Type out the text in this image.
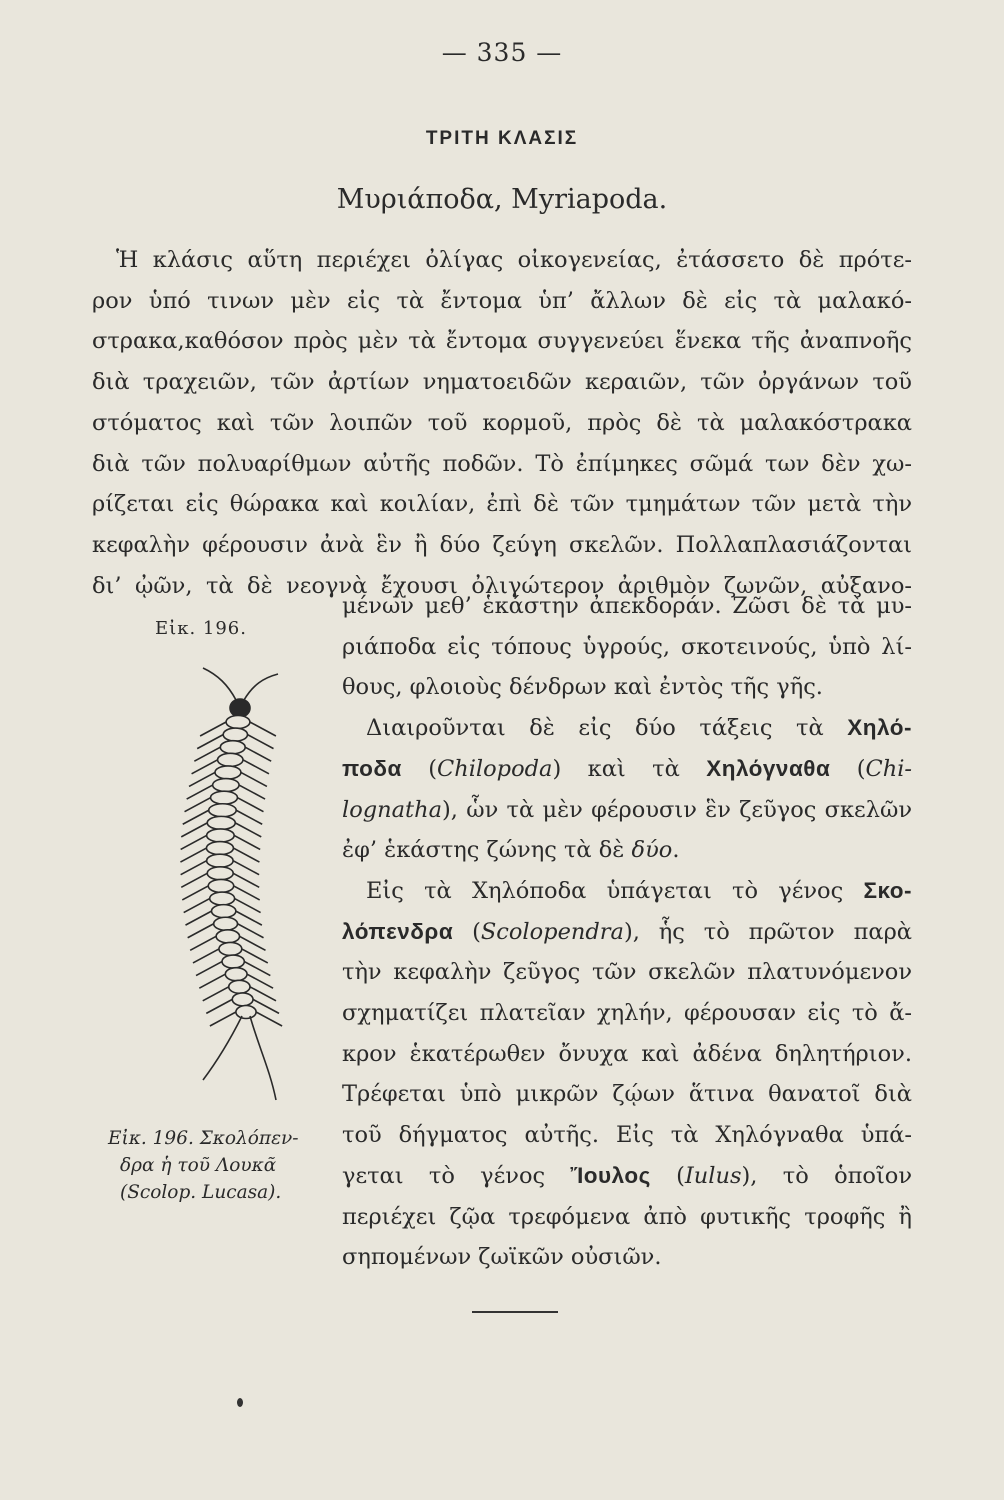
— 335 —
ΤΡΙΤΗ ΚΛΑΣΙΣ
Μυριάποδα, Myriapoda.
Ἡ κλάσις αὕτη περιέχει ὀλίγας οἰκογενείας, ἐτάσσετο δὲ πρότε-
ρον ὑπό τινων μὲν εἰς τὰ ἔντομα ὑπ’ ἄλλων δὲ εἰς τὰ μαλακό-
στρακα,καθόσον πρὸς μὲν τὰ ἔντομα συγγενεύει ἕνεκα τῆς ἀναπνοῆς
διὰ τραχειῶν, τῶν ἀρτίων νηματοειδῶν κεραιῶν, τῶν ὀργάνων τοῦ
στόματος καὶ τῶν λοιπῶν τοῦ κορμοῦ, πρὸς δὲ τὰ μαλακόστρακα
διὰ τῶν πολυαρίθμων αὐτῆς ποδῶν. Τὸ ἐπίμηκες σῶμά των δὲν χω-
ρίζεται εἰς θώρακα καὶ κοιλίαν, ἐπὶ δὲ τῶν τμημάτων τῶν μετὰ τὴν
κεφαλὴν φέρουσιν ἀνὰ ἓν ἢ δύο ζεύγη σκελῶν. Πολλαπλασιάζονται
δι’ ᾠῶν, τὰ δὲ νεογνὰ ἔχουσι ὀλιγώτερον ἀριθμὸν ζωνῶν, αὐξανο-
μένων μεθ’ ἑκάστην ἀπεκδοράν. Ζῶσι δὲ τὰ μυ-
ριάποδα εἰς τόπους ὑγρούς, σκοτεινούς, ὑπὸ λί-
θους, φλοιοὺς δένδρων καὶ ἐντὸς τῆς γῆς.
Διαιροῦνται δὲ εἰς δύο τάξεις τὰ Χηλό-
ποδα (Chilopoda) καὶ τὰ Χηλόγναθα (Chi-
lognatha), ὧν τὰ μὲν φέρουσιν ἓν ζεῦγος σκελῶν
ἐφ’ ἑκάστης ζώνης τὰ δὲ δύο.
Εἰς τὰ Χηλόποδα ὑπάγεται τὸ γένος Σκο-
λόπενδρα (Scolopendra), ἧς τὸ πρῶτον παρὰ
τὴν κεφαλὴν ζεῦγος τῶν σκελῶν πλατυνόμενον
σχηματίζει πλατεῖαν χηλήν, φέρουσαν εἰς τὸ ἄ-
κρον ἑκατέρωθεν ὄνυχα καὶ ἀδένα δηλητήριον.
Τρέφεται ὑπὸ μικρῶν ζῴων ἅτινα θανατοῖ διὰ
τοῦ δήγματος αὐτῆς. Εἰς τὰ Χηλόγναθα ὑπά-
γεται τὸ γένος Ἴουλος (Iulus), τὸ ὁποῖον
περιέχει ζῷα τρεφόμενα ἀπὸ φυτικῆς τροφῆς ἢ
σηπομένων ζωϊκῶν οὐσιῶν.
Εἰκ. 196.
Εἰκ. 196. Σκολόπεν-
δρα ἡ τοῦ Λουκᾶ
(Scolop. Lucasa).
